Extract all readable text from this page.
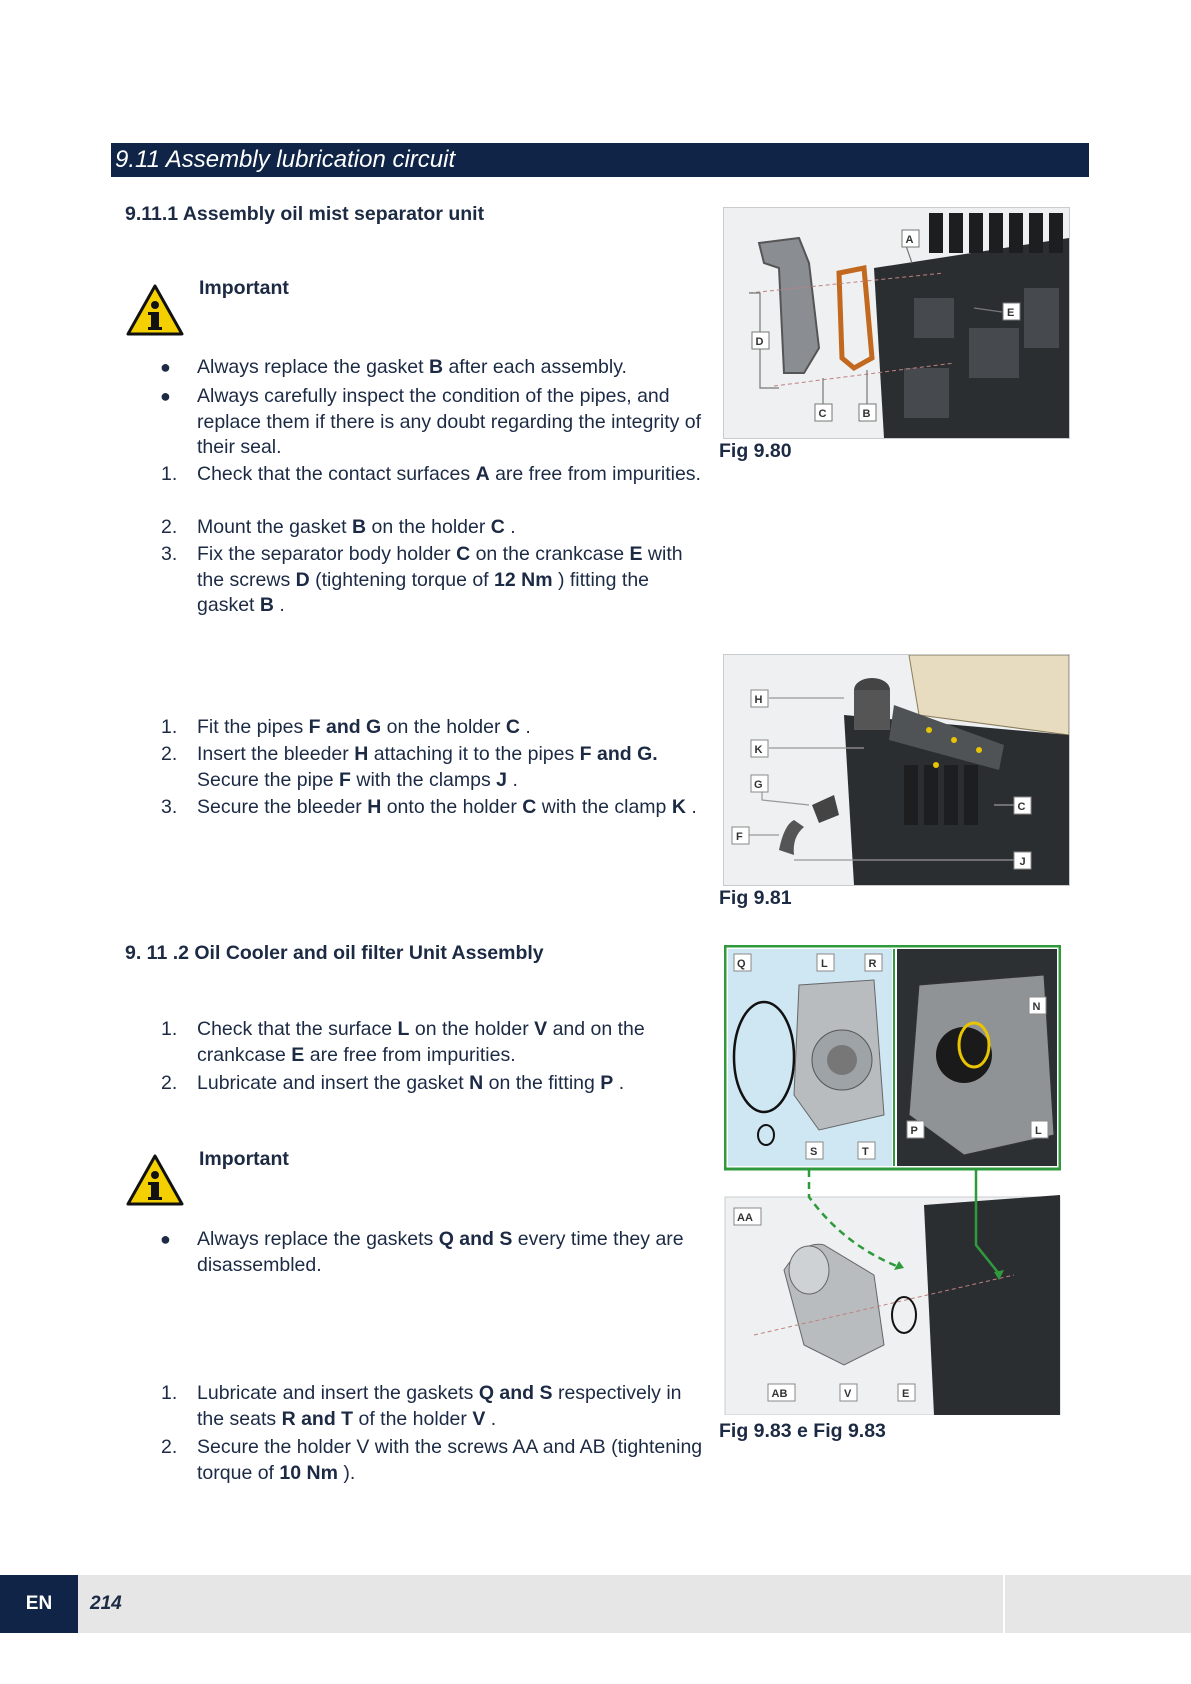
9.11 Assembly lubrication circuit
9.11.1 Assembly oil mist separator unit
Important
●	Always replace the gasket B after each assembly.
●	Always carefully inspect the condition of the pipes, and replace them if there is any doubt regarding the integrity of their seal.
1.	Check that the contact surfaces A are free from impurities.
2.	Mount the gasket B on the holder C .
3.	Fix the separator body holder C on the crankcase E with the screws D (tightening torque of 12 Nm ) fitting the gasket B .
1.	Fit the pipes F and G on the holder C .
2.	Insert the bleeder H attaching it to the pipes F and G. Secure the pipe F with the clamps J .
3.	Secure the bleeder H onto the holder C with the clamp K .
A
D
E
C	B
Fig 9.80
H
K
G
F
C
J
Fig 9.81
9. 11 .2 Oil Cooler and oil filter Unit Assembly
1.	Check that the surface L on the holder V and on the crankcase E are free from impurities.
2.	Lubricate and insert the gasket N on the fitting P .
Important
●	Always replace the gaskets Q and S every time they are disassembled.
1.	Lubricate and insert the gaskets Q and S respectively in the seats R and T of the holder V .
2.	Secure the holder V with the screws AA and AB (tightening torque of 10 Nm ).
Q	L	R
N
S	T
P	L
AA
AB	V	E
Fig 9.83 e Fig 9.83
EN	214
